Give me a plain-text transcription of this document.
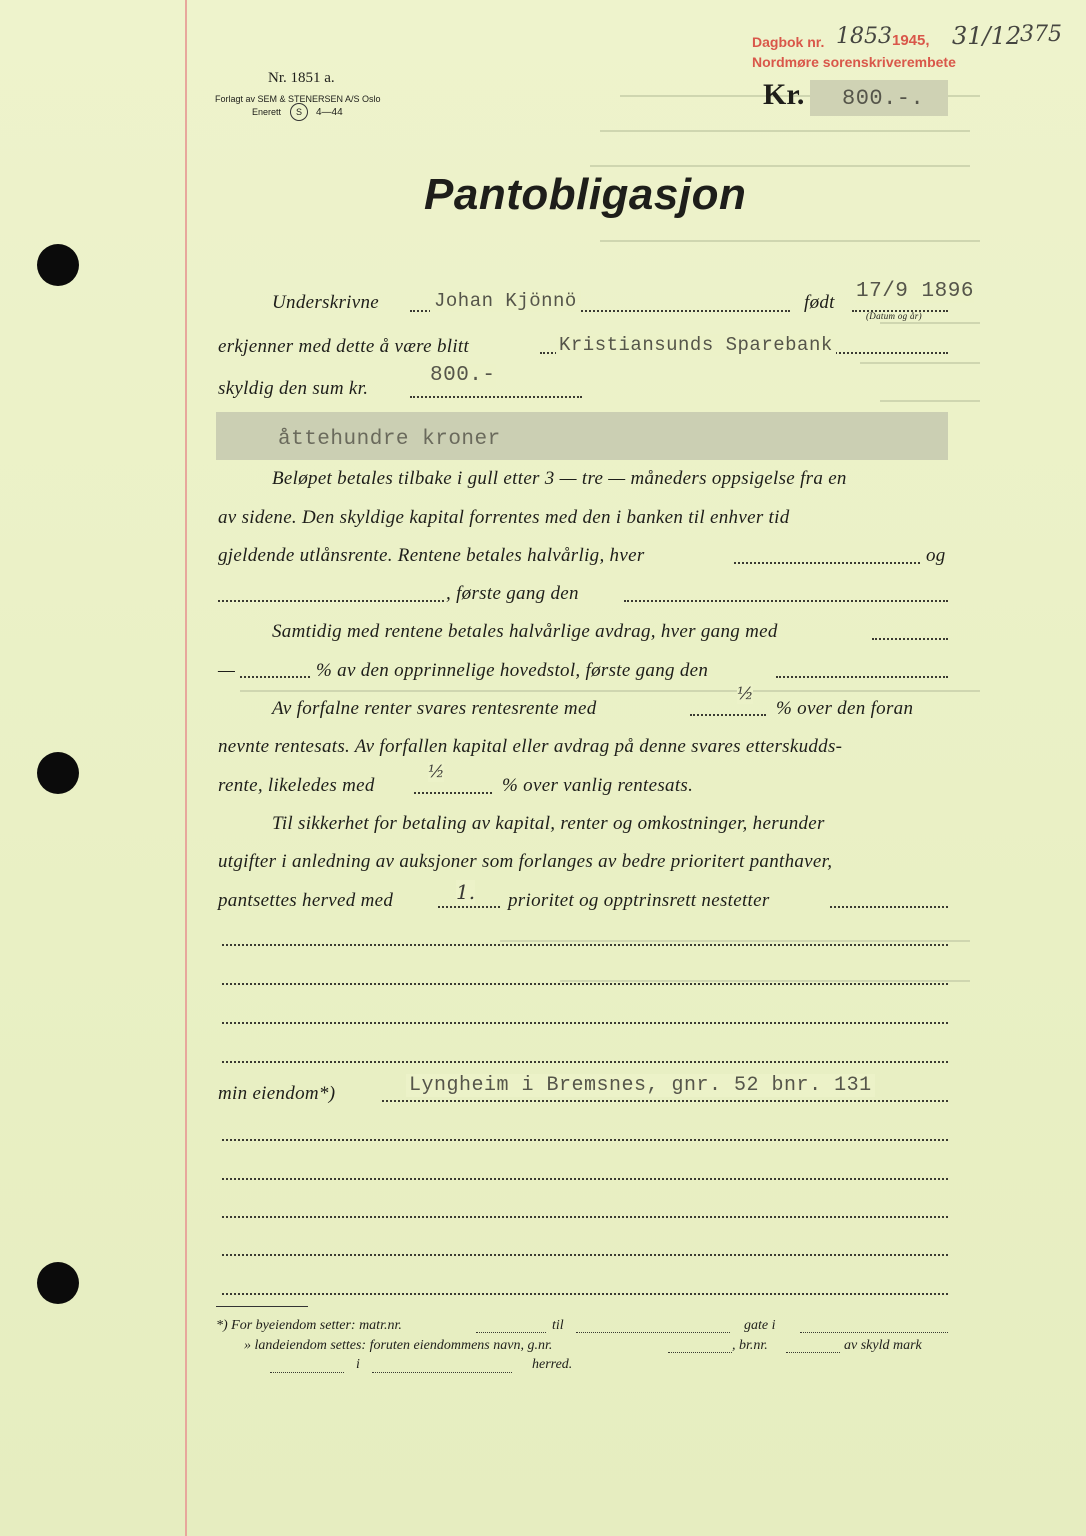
Dagbok nr. 1853 1945, 31/12
375
Nordmøre sorenskriverembete
Nr. 1851 a.
Forlagt av SEM & STENERSEN A/S Oslo
Enerett	S	4—44
Kr. 800.-.
Pantobligasjon
Underskrivne	Johan Kjönnö	født 17/9 1896
(Datum og år)
erkjenner med dette å være blitt	Kristiansunds Sparebank
skyldig den sum kr.
800.-
åttehundre kroner
Beløpet betales tilbake i gull etter 3 — tre — måneders oppsigelse fra en
av sidene. Den skyldige kapital forrentes med den i banken til enhver tid
gjeldende utlånsrente. Rentene betales halvårlig, hver	og
, første gang den
Samtidig med rentene betales halvårlige avdrag, hver gang med
—	% av den opprinnelige hovedstol, første gang den
Av forfalne renter svares rentesrente med
½
% over den foran
nevnte rentesats. Av forfallen kapital eller avdrag på denne svares etterskudds-
rente, likeledes med
½
% over vanlig rentesats.
Til sikkerhet for betaling av kapital, renter og omkostninger, herunder
utgifter i anledning av auksjoner som forlanges av bedre prioritert panthaver,
pantsettes herved med	1. prioritet og opptrinsrett nestetter
min eiendom*)	Lyngheim i Bremsnes, gnr. 52 bnr. 131
*) For byeiendom setter: matr.nr.	til	gate i
» landeiendom settes: foruten eiendommens navn, g.nr.	, br.nr.	av skyld mark
i	herred.
